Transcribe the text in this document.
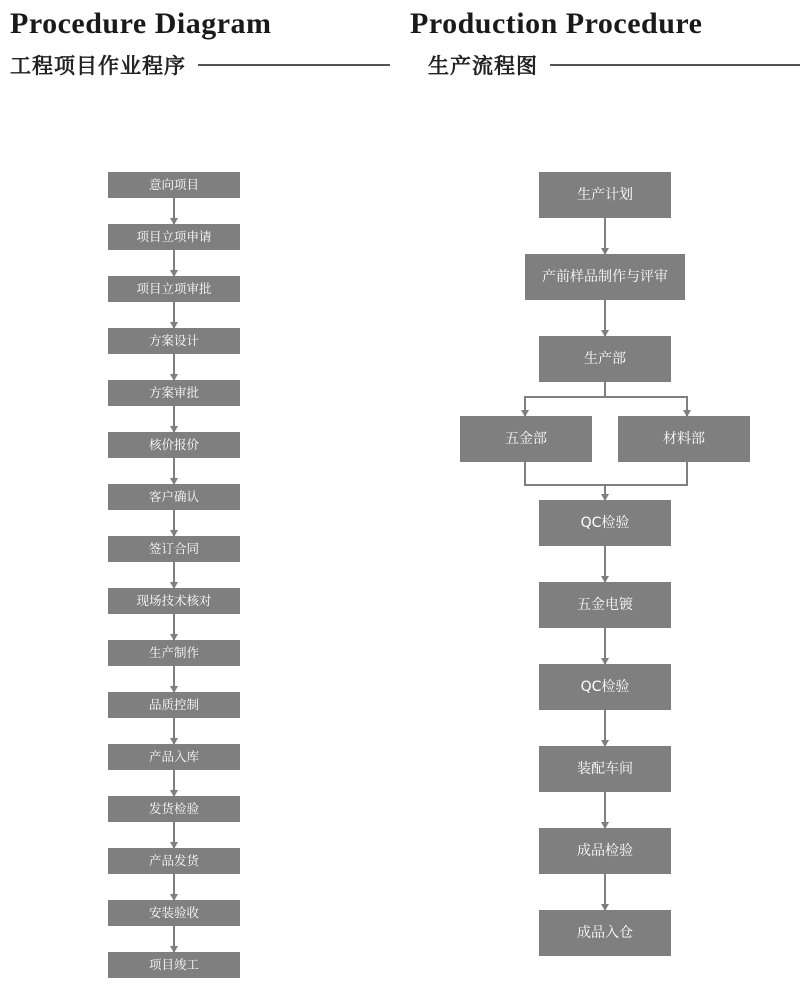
Procedure Diagram
工程项目作业程序
Production Procedure
生产流程图
意向项目
项目立项申请
项目立项审批
方案设计
方案审批
核价报价
客户确认
签订合同
现场技术核对
生产制作
品质控制
产品入库
发货检验
产品发货
安装验收
项目竣工
生产计划
产前样品制作与评审
生产部
五金部	材料部
QC检验
五金电镀
QC检验
装配车间
成品检验
成品入仓
